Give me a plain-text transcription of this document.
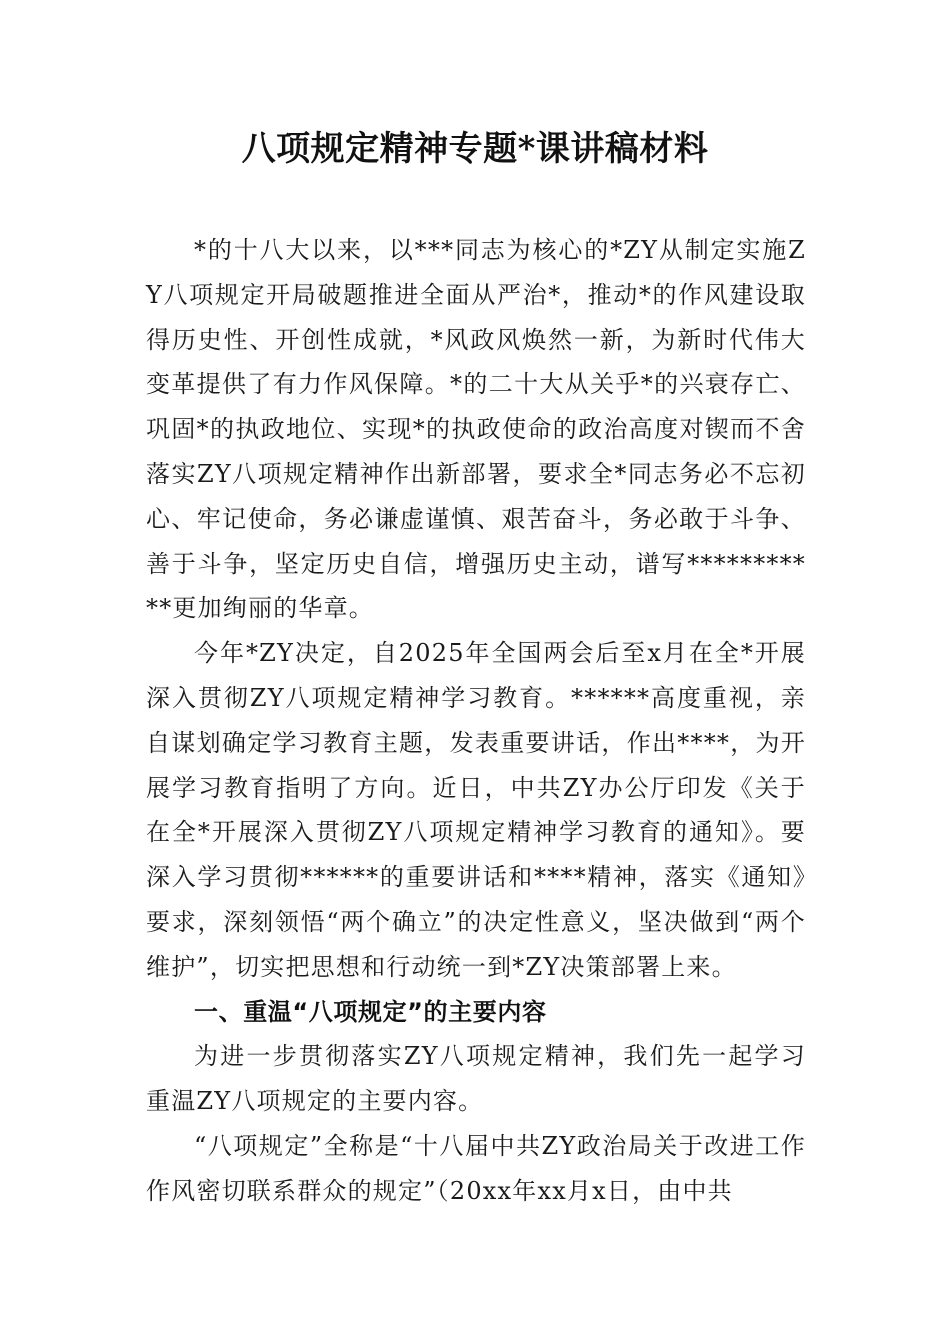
八项规定精神专题*课讲稿材料

*的十八大以来，以***同志为核心的*ZY从制定实施ZY八项规定开局破题推进全面从严治*，推动*的作风建设取得历史性、开创性成就，*风政风焕然一新，为新时代伟大变革提供了有力作风保障。*的二十大从关乎*的兴衰存亡、巩固*的执政地位、实现*的执政使命的政治高度对锲而不舍落实ZY八项规定精神作出新部署，要求全*同志务必不忘初心、牢记使命，务必谦虚谨慎、艰苦奋斗，务必敢于斗争、善于斗争，坚定历史自信，增强历史主动，谱写***********更加绚丽的华章。

今年*ZY决定，自2025年全国两会后至x月在全*开展深入贯彻ZY八项规定精神学习教育。******高度重视，亲自谋划确定学习教育主题，发表重要讲话，作出****，为开展学习教育指明了方向。近日，中共ZY办公厅印发《关于在全*开展深入贯彻ZY八项规定精神学习教育的通知》。要深入学习贯彻******的重要讲话和****精神，落实《通知》要求，深刻领悟“两个确立”的决定性意义，坚决做到“两个维护”，切实把思想和行动统一到*ZY决策部署上来。

一、重温“八项规定”的主要内容

为进一步贯彻落实ZY八项规定精神，我们先一起学习重温ZY八项规定的主要内容。

“八项规定”全称是“十八届中共ZY政治局关于改进工作作风密切联系群众的规定”（20xx年xx月x日，由中共
